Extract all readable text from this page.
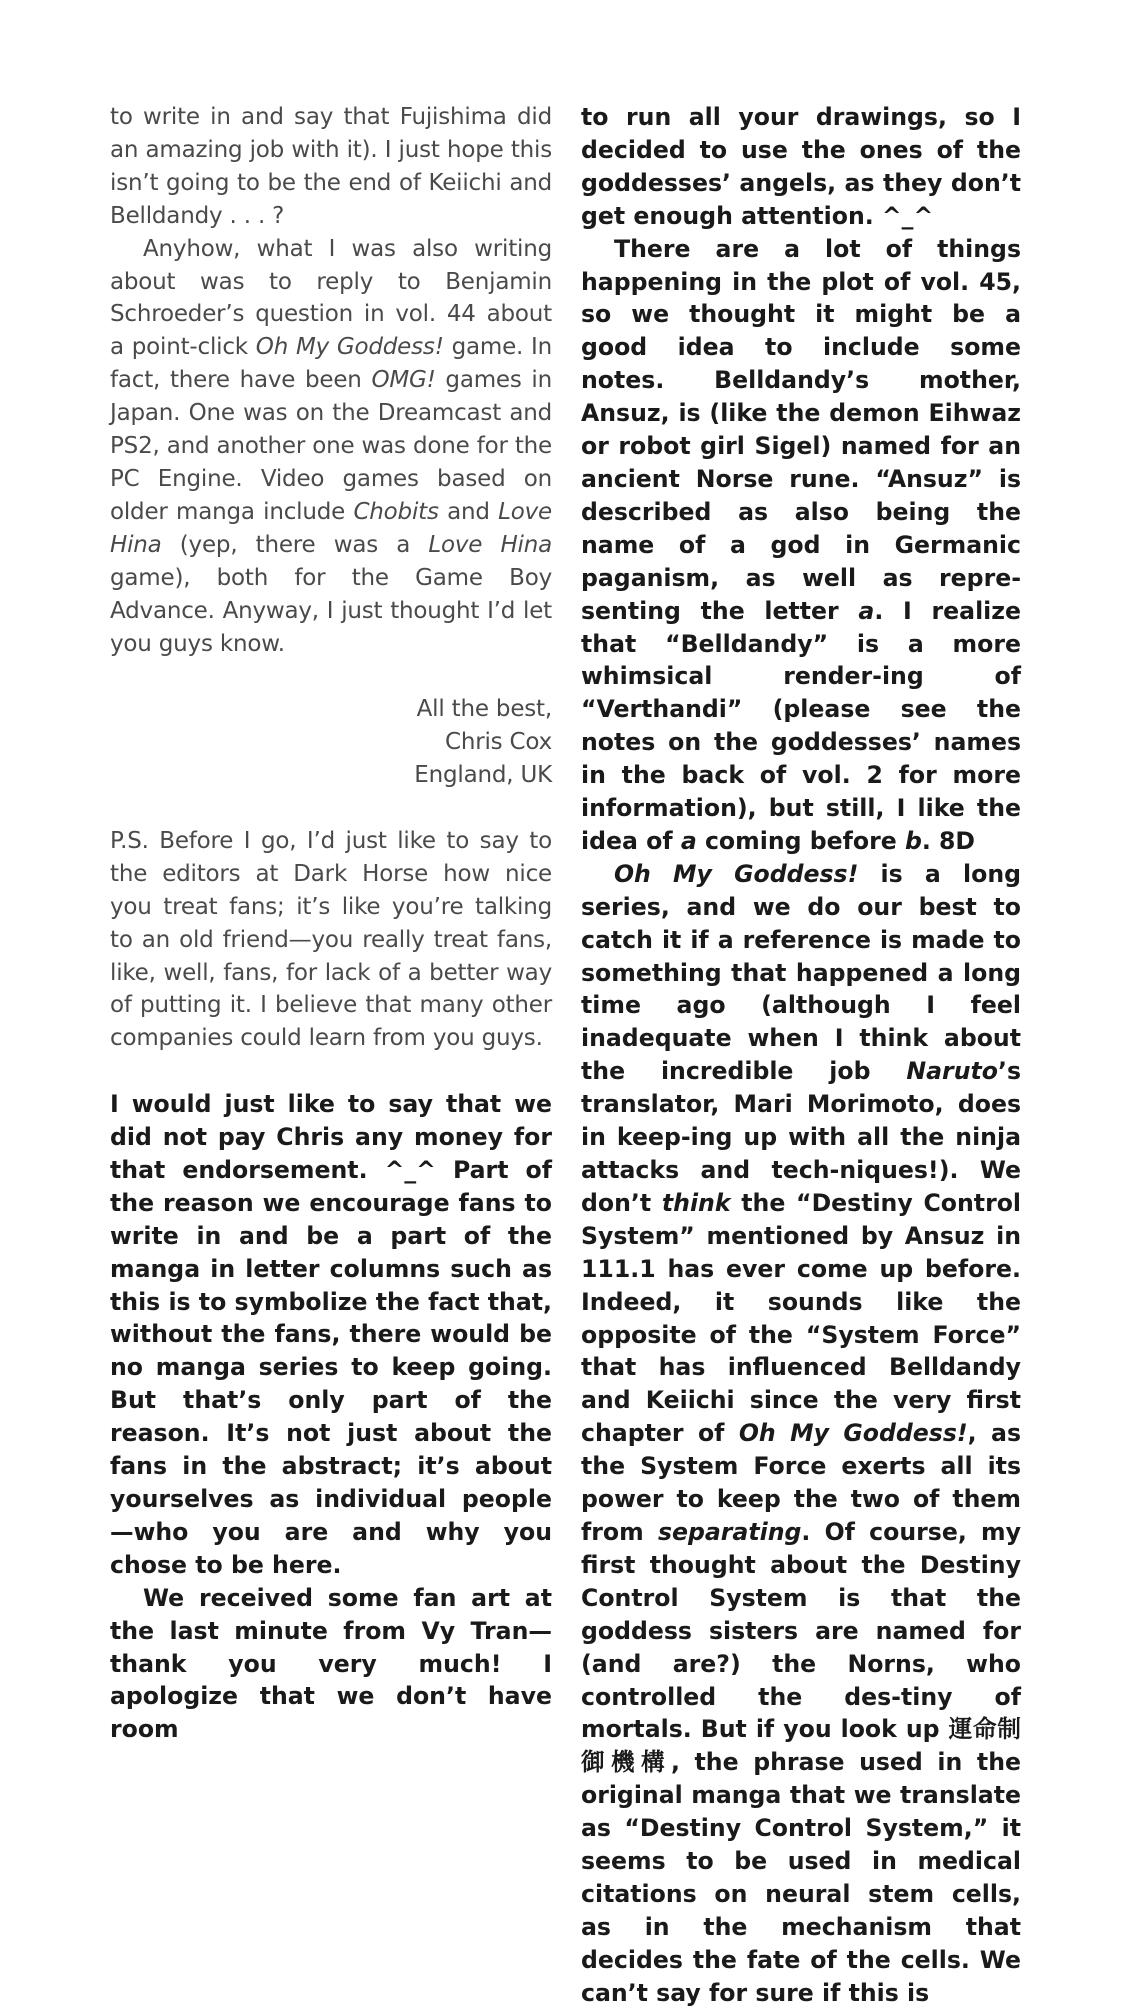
to write in and say that Fujishima did an amazing job with it). I just hope this isn’t going to be the end of Keiichi and Belldandy . . . ?

Anyhow, what I was also writing about was to reply to Benjamin Schroeder’s question in vol. 44 about a point-click Oh My Goddess! game. In fact, there have been OMG! games in Japan. One was on the Dreamcast and PS2, and another one was done for the PC Engine. Video games based on older manga include Chobits and Love Hina (yep, there was a Love Hina game), both for the Game Boy Advance. Anyway, I just thought I’d let you guys know.

All the best,
Chris Cox
England, UK

P.S. Before I go, I’d just like to say to the editors at Dark Horse how nice you treat fans; it’s like you’re talking to an old friend—you really treat fans, like, well, fans, for lack of a better way of putting it. I believe that many other companies could learn from you guys.

I would just like to say that we did not pay Chris any money for that endorsement. ^_^ Part of the reason we encourage fans to write in and be a part of the manga in letter columns such as this is to symbolize the fact that, without the fans, there would be no manga series to keep going. But that’s only part of the reason. It’s not just about the fans in the abstract; it’s about yourselves as individual people—who you are and why you chose to be here.

We received some fan art at the last minute from Vy Tran—thank you very much! I apologize that we don’t have room

to run all your drawings, so I decided to use the ones of the goddesses’ angels, as they don’t get enough attention. ^_^

There are a lot of things happening in the plot of vol. 45, so we thought it might be a good idea to include some notes. Belldandy’s mother, Ansuz, is (like the demon Eihwaz or robot girl Sigel) named for an ancient Norse rune. “Ansuz” is described as also being the name of a god in Germanic paganism, as well as repre-senting the letter a. I realize that “Belldandy” is a more whimsical render-ing of “Verthandi” (please see the notes on the goddesses’ names in the back of vol. 2 for more information), but still, I like the idea of a coming before b. 8D

Oh My Goddess! is a long series, and we do our best to catch it if a reference is made to something that happened a long time ago (although I feel inadequate when I think about the incredible job Naruto’s translator, Mari Morimoto, does in keep-ing up with all the ninja attacks and tech-niques!). We don’t think the “Destiny Control System” mentioned by Ansuz in 111.1 has ever come up before. Indeed, it sounds like the opposite of the “System Force” that has influenced Belldandy and Keiichi since the very first chapter of Oh My Goddess!, as the System Force exerts all its power to keep the two of them from separating. Of course, my first thought about the Destiny Control System is that the goddess sisters are named for (and are?) the Norns, who controlled the des-tiny of mortals. But if you look up 運命制御機構, the phrase used in the original manga that we translate as “Destiny Control System,” it seems to be used in medical citations on neural stem cells, as in the mechanism that decides the fate of the cells. We can’t say for sure if this is
